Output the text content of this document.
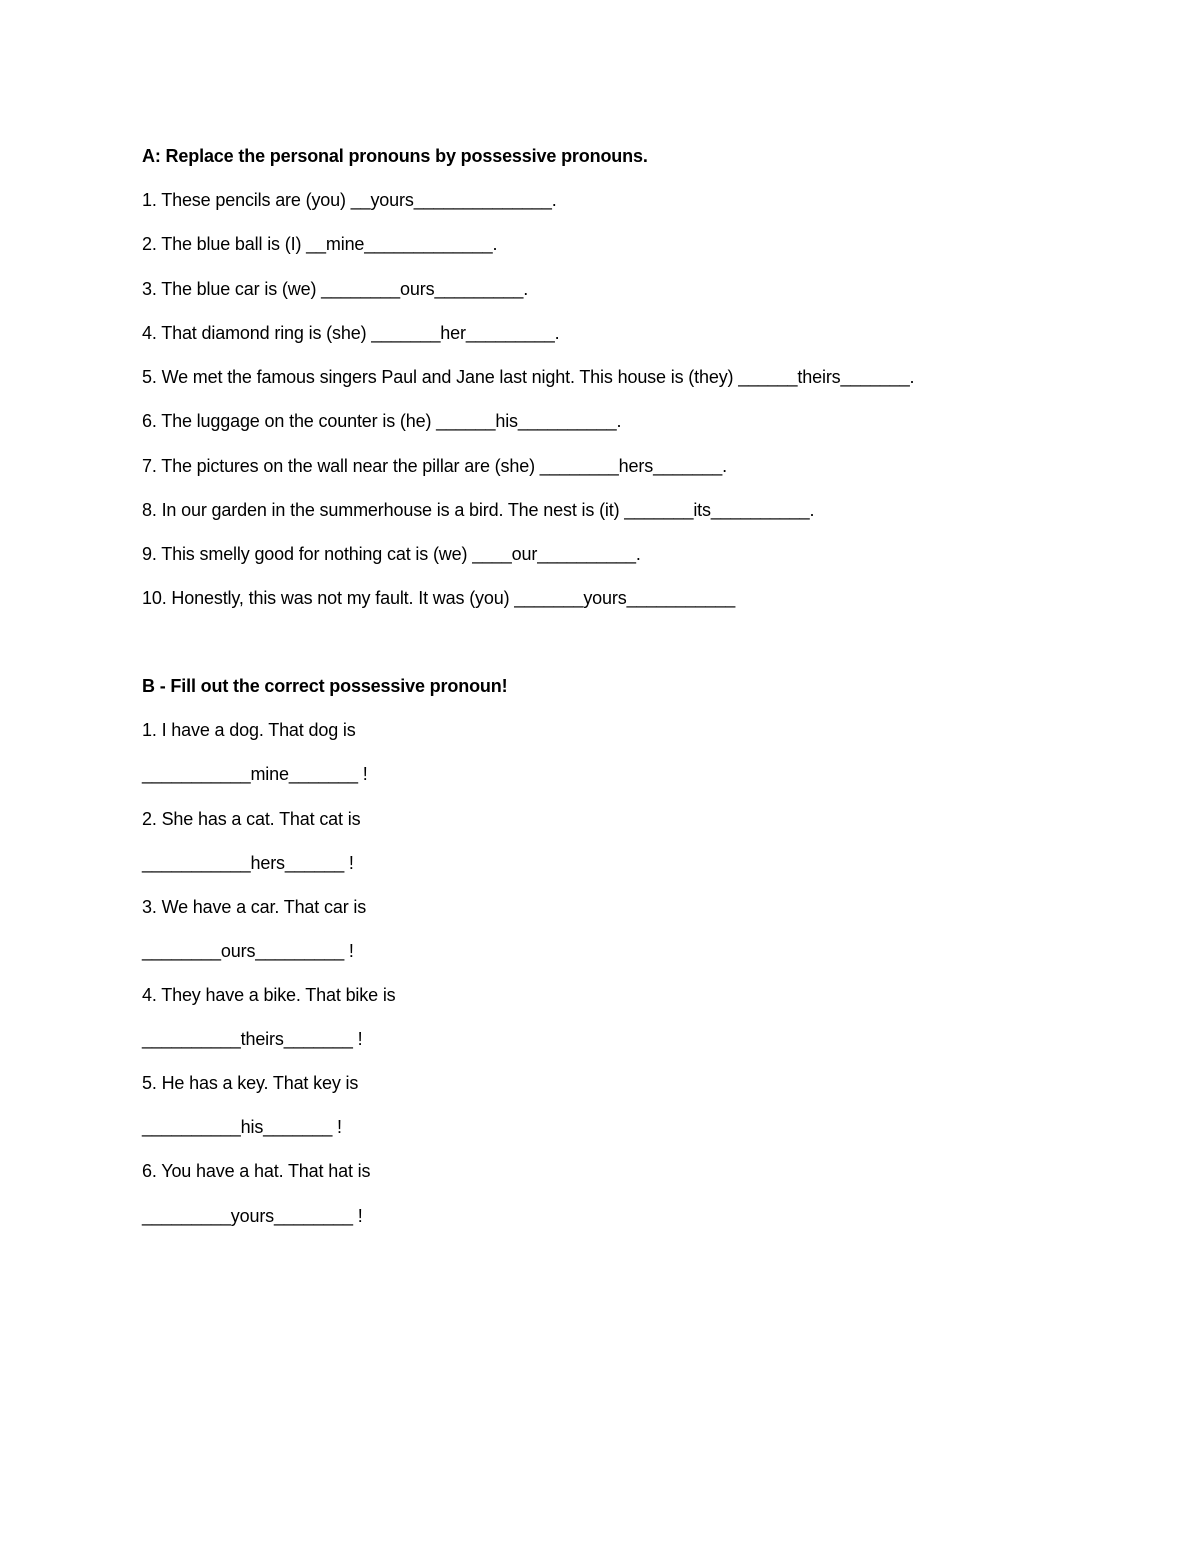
A: Replace the personal pronouns by possessive pronouns.
1. These pencils are (you) __yours______________.
2. The blue ball is (I) __mine_____________.
3. The blue car is (we) ________ours_________.
4. That diamond ring is (she) _______her_________.
5. We met the famous singers Paul and Jane last night. This house is (they) ______theirs_______.
6. The luggage on the counter is (he) ______his__________.
7. The pictures on the wall near the pillar are (she) ________hers_______.
8. In our garden in the summerhouse is a bird. The nest is (it) _______its__________.
9. This smelly good for nothing cat is (we) ____our__________.
10. Honestly, this was not my fault. It was (you) _______yours___________
B - Fill out the correct possessive pronoun!
1. I have a dog. That dog is
___________mine_______ !
2. She has a cat. That cat is
___________hers______ !
3. We have a car. That car is
________ours_________ !
4. They have a bike. That bike is
__________theirs_______ !
5. He has a key. That key is
__________his_______ !
6. You have a hat. That hat is
_________yours________ !
